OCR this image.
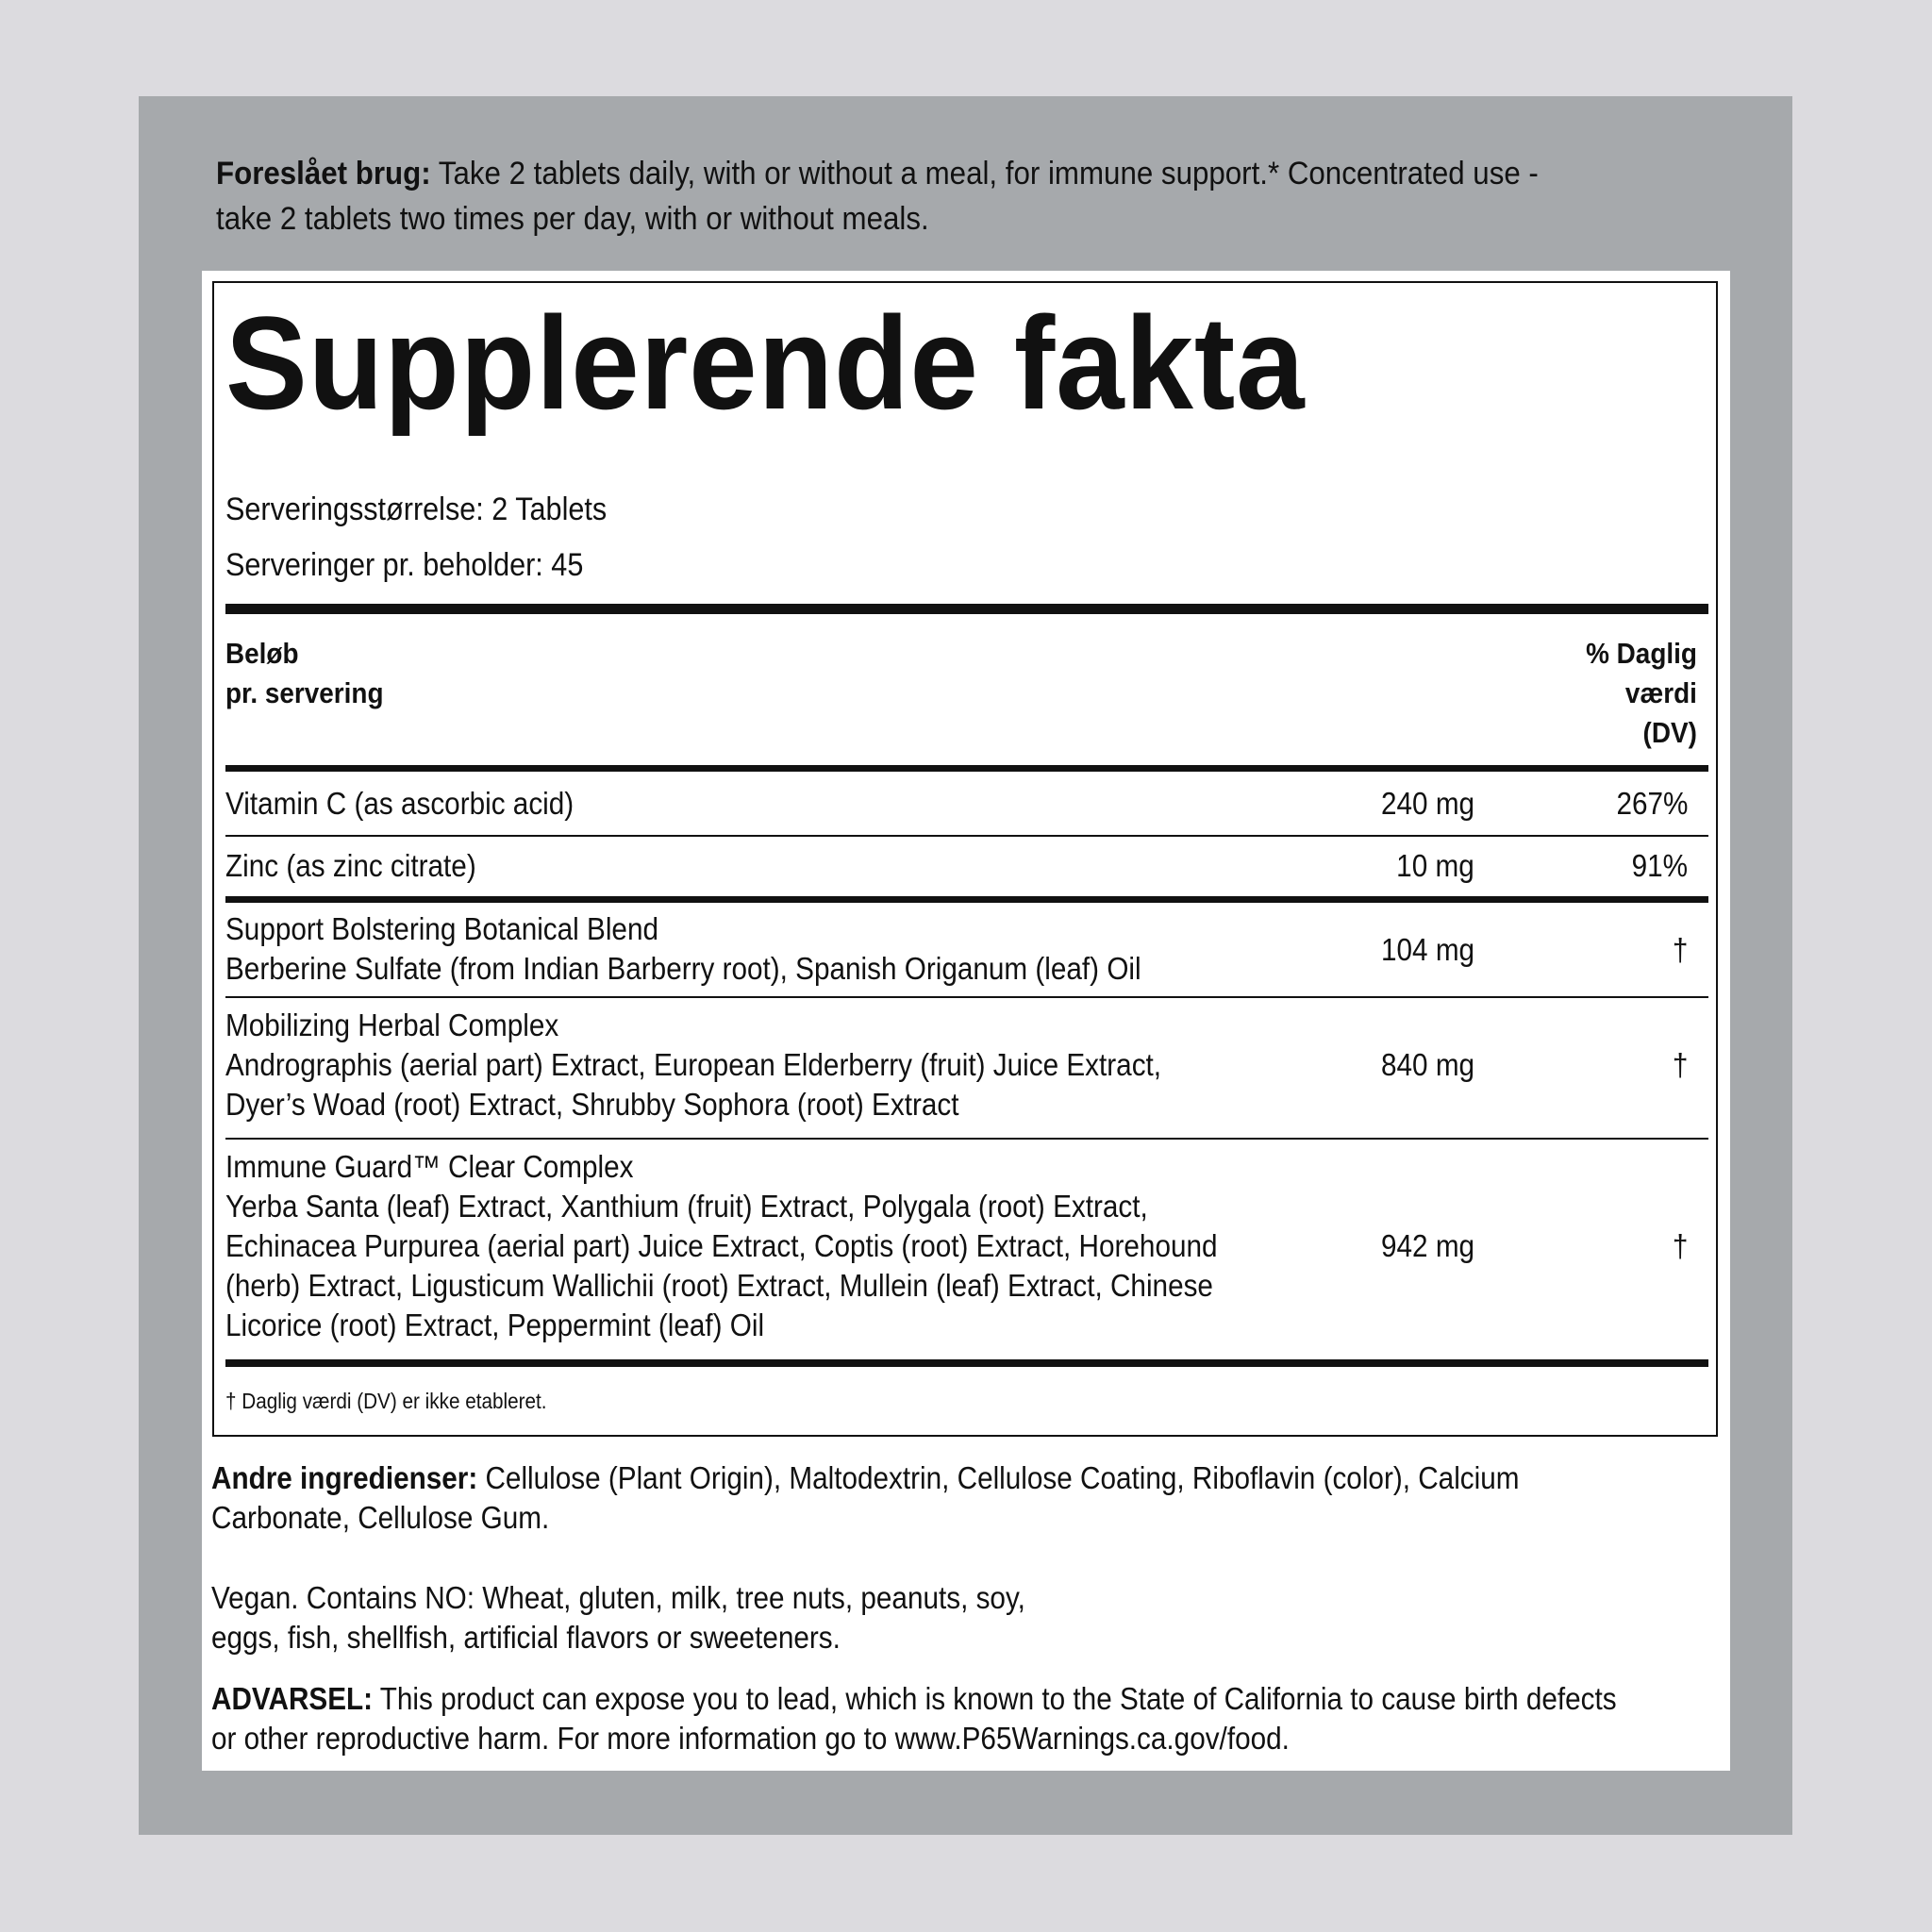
Foreslået brug: Take 2 tablets daily, with or without a meal, for immune support.* Concentrated use - take 2 tablets two times per day, with or without meals.
Supplerende fakta
Serveringsstørrelse: 2 Tablets
Serveringer pr. beholder: 45
Beløb
pr. servering
% Daglig
værdi
(DV)
Vitamin C (as ascorbic acid)	240 mg	267%
Zinc (as zinc citrate)	10 mg	91%
Support Bolstering Botanical Blend
Berberine Sulfate (from Indian Barberry root), Spanish Origanum (leaf) Oil
104 mg	†
Mobilizing Herbal Complex
Andrographis (aerial part) Extract, European Elderberry (fruit) Juice Extract, Dyer’s Woad (root) Extract, Shrubby Sophora (root) Extract
840 mg	†
Immune Guard™ Clear Complex
Yerba Santa (leaf) Extract, Xanthium (fruit) Extract, Polygala (root) Extract, Echinacea Purpurea (aerial part) Juice Extract, Coptis (root) Extract, Horehound (herb) Extract, Ligusticum Wallichii (root) Extract, Mullein (leaf) Extract, Chinese Licorice (root) Extract, Peppermint (leaf) Oil
942 mg	†
† Daglig værdi (DV) er ikke etableret.
Andre ingredienser: Cellulose (Plant Origin), Maltodextrin, Cellulose Coating, Riboflavin (color), Calcium Carbonate, Cellulose Gum.
Vegan. Contains NO: Wheat, gluten, milk, tree nuts, peanuts, soy, eggs, fish, shellfish, artificial flavors or sweeteners.
ADVARSEL: This product can expose you to lead, which is known to the State of California to cause birth defects or other reproductive harm. For more information go to www.P65Warnings.ca.gov/food.
